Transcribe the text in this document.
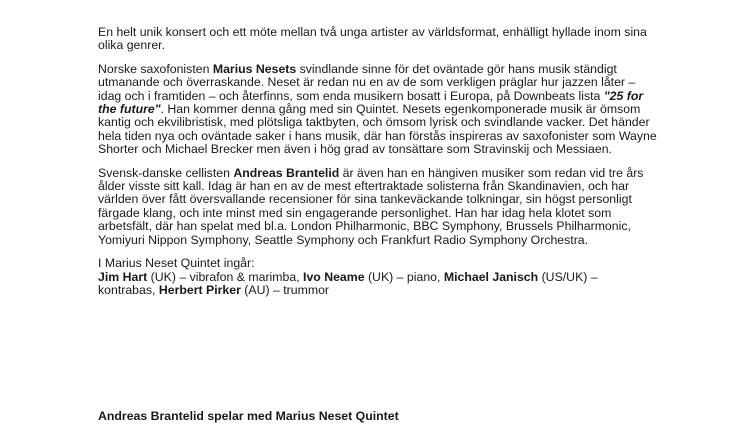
En helt unik konsert och ett möte mellan två unga artister av världsformat, enhälligt hyllade inom sina olika genrer.

Norske saxofonisten Marius Nesets svindlande sinne för det oväntade gör hans musik ständigt utmanande och överraskande. Neset är redan nu en av de som verkligen präglar hur jazzen låter – idag och i framtiden – och återfinns, som enda musikern bosatt i Europa, på Downbeats lista "25 for the future". Han kommer denna gång med sin Quintet. Nesets egenkomponerade musik är ömsom kantig och ekvilibristisk, med plötsliga taktbyten, och ömsom lyrisk och svindlande vacker. Det händer hela tiden nya och oväntade saker i hans musik, där han förstås inspireras av saxofonister som Wayne Shorter och Michael Brecker men även i hög grad av tonsättare som Stravinskij och Messiaen.

Svensk-danske cellisten Andreas Brantelid är även han en hängiven musiker som redan vid tre års ålder visste sitt kall. Idag är han en av de mest eftertraktade solisterna från Skandinavien, och har världen över fått översvallande recensioner för sina tankeväckande tolkningar, sin högst personligt färgade klang, och inte minst med sin engagerande personlighet. Han har idag hela klotet som arbetsfält, där han spelat med bl.a. London Philharmonic, BBC Symphony, Brussels Philharmonic, Yomiyuri Nippon Symphony, Seattle Symphony och Frankfurt Radio Symphony Orchestra.

I Marius Neset Quintet ingår:
Jim Hart (UK) – vibrafon & marimba, Ivo Neame (UK) – piano, Michael Janisch (US/UK) – kontrabas, Herbert Pirker (AU) – trummor

Andreas Brantelid spelar med Marius Neset Quintet
